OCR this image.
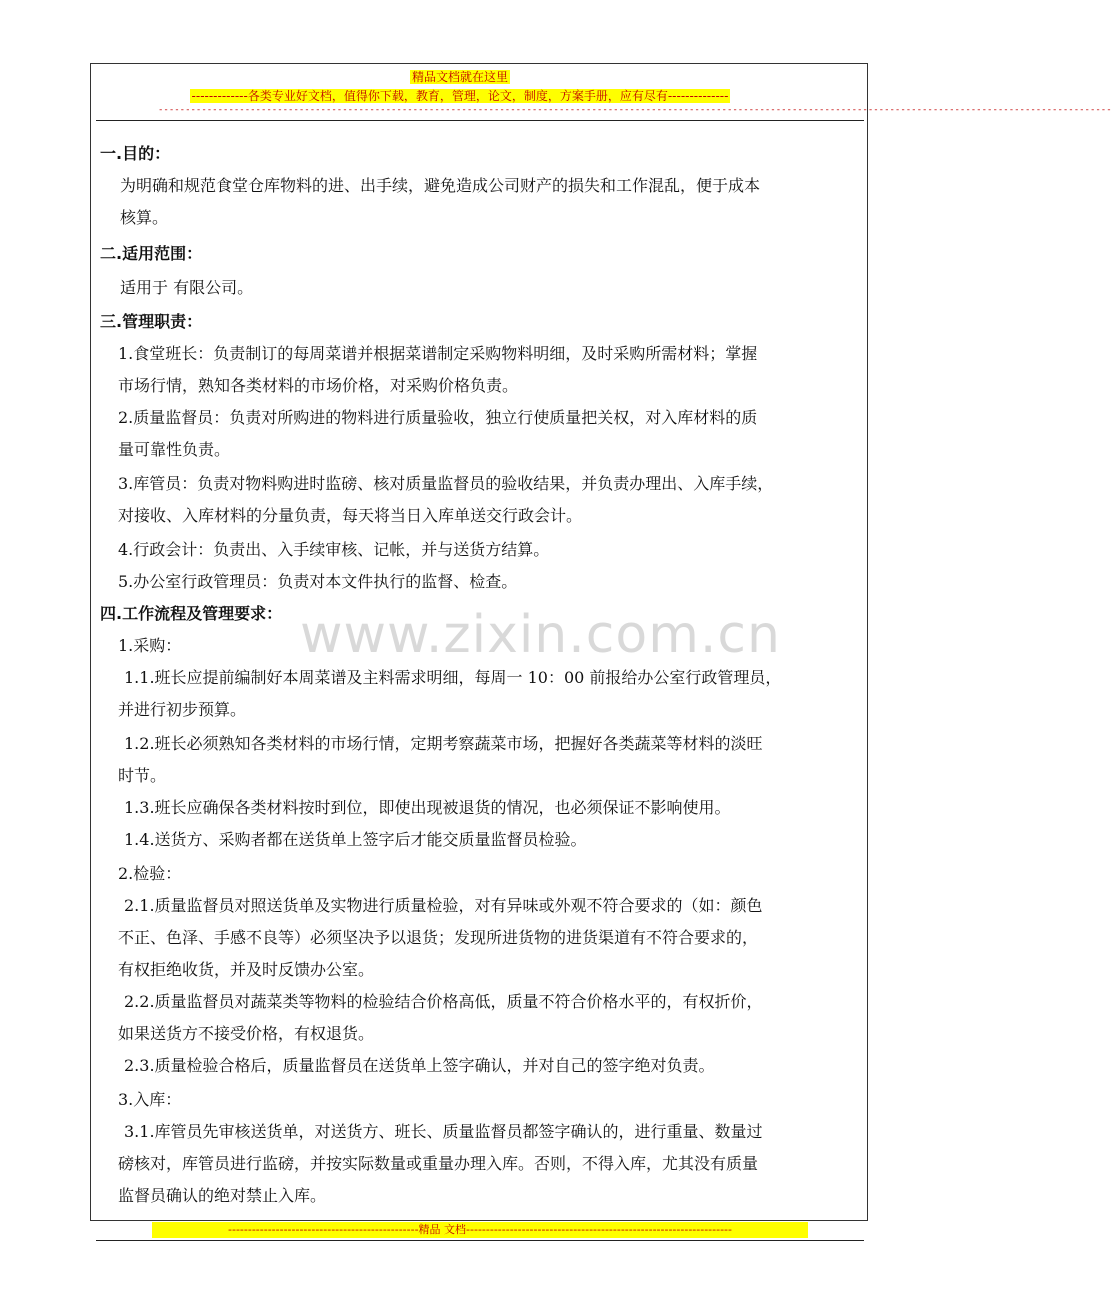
精品文档就在这里
-------------各类专业好文档，值得你下载，教育，管理，论文，制度，方案手册，应有尽有--------------
--------------------------------------------------------------------------------------------------------------------------------------------------------------------------------
www.zixin.com.cn
一.目的：
为明确和规范食堂仓库物料的进、出手续，避免造成公司财产的损失和工作混乱，便于成本
核算。
二.适用范围：
适用于 有限公司。
三.管理职责：
1.食堂班长：负责制订的每周菜谱并根据菜谱制定采购物料明细，及时采购所需材料；掌握
市场行情，熟知各类材料的市场价格，对采购价格负责。
2.质量监督员：负责对所购进的物料进行质量验收，独立行使质量把关权，对入库材料的质
量可靠性负责。
3.库管员：负责对物料购进时监磅、核对质量监督员的验收结果，并负责办理出、入库手续，
对接收、入库材料的分量负责，每天将当日入库单送交行政会计。
4.行政会计：负责出、入手续审核、记帐，并与送货方结算。
5.办公室行政管理员：负责对本文件执行的监督、检查。
四.工作流程及管理要求：
1.采购：
1.1.班长应提前编制好本周菜谱及主料需求明细，每周一 10：00 前报给办公室行政管理员，
并进行初步预算。
1.2.班长必须熟知各类材料的市场行情，定期考察蔬菜市场，把握好各类蔬菜等材料的淡旺
时节。
1.3.班长应确保各类材料按时到位，即使出现被退货的情况，也必须保证不影响使用。
1.4.送货方、采购者都在送货单上签字后才能交质量监督员检验。
2.检验：
2.1.质量监督员对照送货单及实物进行质量检验，对有异味或外观不符合要求的（如：颜色
不正、色泽、手感不良等）必须坚决予以退货；发现所进货物的进货渠道有不符合要求的，
有权拒绝收货，并及时反馈办公室。
2.2.质量监督员对蔬菜类等物料的检验结合价格高低，质量不符合价格水平的，有权折价，
如果送货方不接受价格，有权退货。
2.3.质量检验合格后，质量监督员在送货单上签字确认，并对自己的签字绝对负责。
3.入库：
3.1.库管员先审核送货单，对送货方、班长、质量监督员都签字确认的，进行重量、数量过
磅核对，库管员进行监磅，并按实际数量或重量办理入库。否则，不得入库，尤其没有质量
监督员确认的绝对禁止入库。
------------------------------------------------精品 文档-------------------------------------------------------------------
